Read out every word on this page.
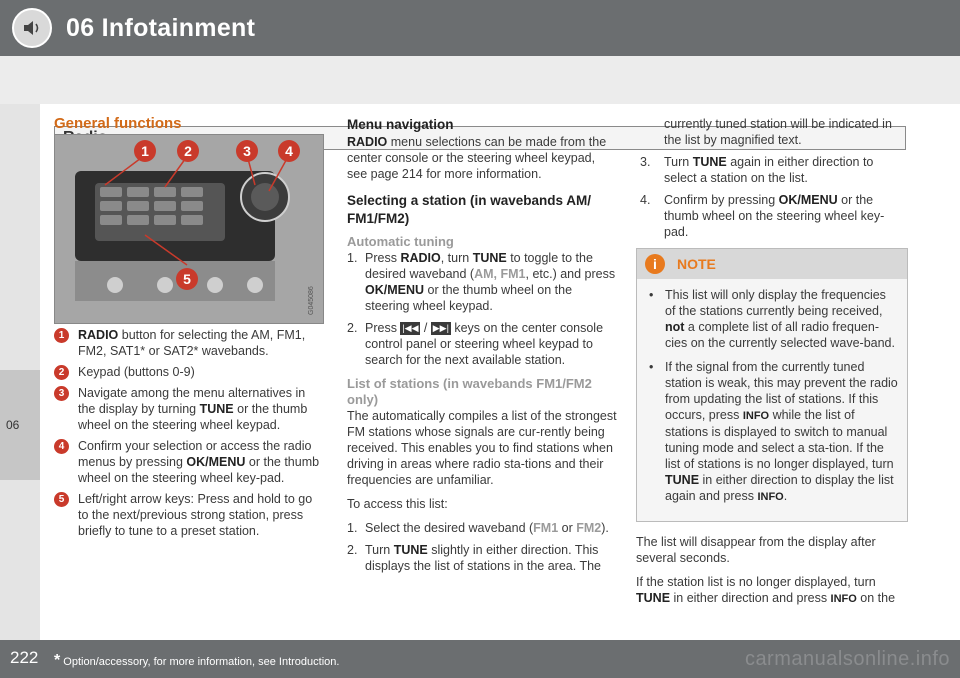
06 Infotainment
06

General functions

1	2	3 4
5
G045086
1	RADIO button for selecting the AM, FM1, FM2, SAT1* or SAT2* wavebands.
2	Keypad (buttons 0-9)
3	Navigate among the menu alternatives in the display by turning TUNE or the thumb wheel on the steering wheel keypad.
4	Confirm your selection or access the radio menus by pressing OK/MENU or the thumb wheel on the steering wheel key-pad.
5	Left/right arrow keys: Press and hold to go to the next/previous strong station, press briefly to tune to a preset station.

Menu navigation

RADIO menu selections can be made from the center console or the steering wheel keypad, see page 214 for more information.

Selecting a station (in wavebands AM/ FM1/FM2)

Automatic tuning

1. Press RADIO, turn TUNE to toggle to the desired waveband (AM, FM1, etc.) and press OK/MENU or the thumb wheel on the steering wheel keypad.
2. Press |◀◀ / ▶▶| keys on the center console control panel or steering wheel keypad to search for the next available station.

List of stations (in wavebands FM1/FM2 only)

The automatically compiles a list of the strongest FM stations whose signals are cur-rently being received. This enables you to find stations when driving in areas where radio sta-tions and their frequencies are unfamiliar.

To access this list:

1. Select the desired waveband (FM1 or FM2).
2. Turn TUNE slightly in either direction. This displays the list of stations in the area. The

currently tuned station will be indicated in the list by magnified text.

3. Turn TUNE again in either direction to select a station on the list.
4. Confirm by pressing OK/MENU or the thumb wheel on the steering wheel key-pad.
i	NOTE
• This list will only display the frequencies of the stations currently being received, not a complete list of all radio frequen-cies on the currently selected wave-band.
• If the signal from the currently tuned station is weak, this may prevent the radio from updating the list of stations. If this occurs, press INFO while the list of stations is displayed to switch to manual tuning mode and select a sta-tion. If the list of stations is no longer displayed, turn TUNE in either direction to display the list again and press INFO.

The list will disappear from the display after several seconds.

If the station list is no longer displayed, turn TUNE in either direction and press INFO on the

222 * Option/accessory, for more information, see Introduction.	carmanualsonline.info
